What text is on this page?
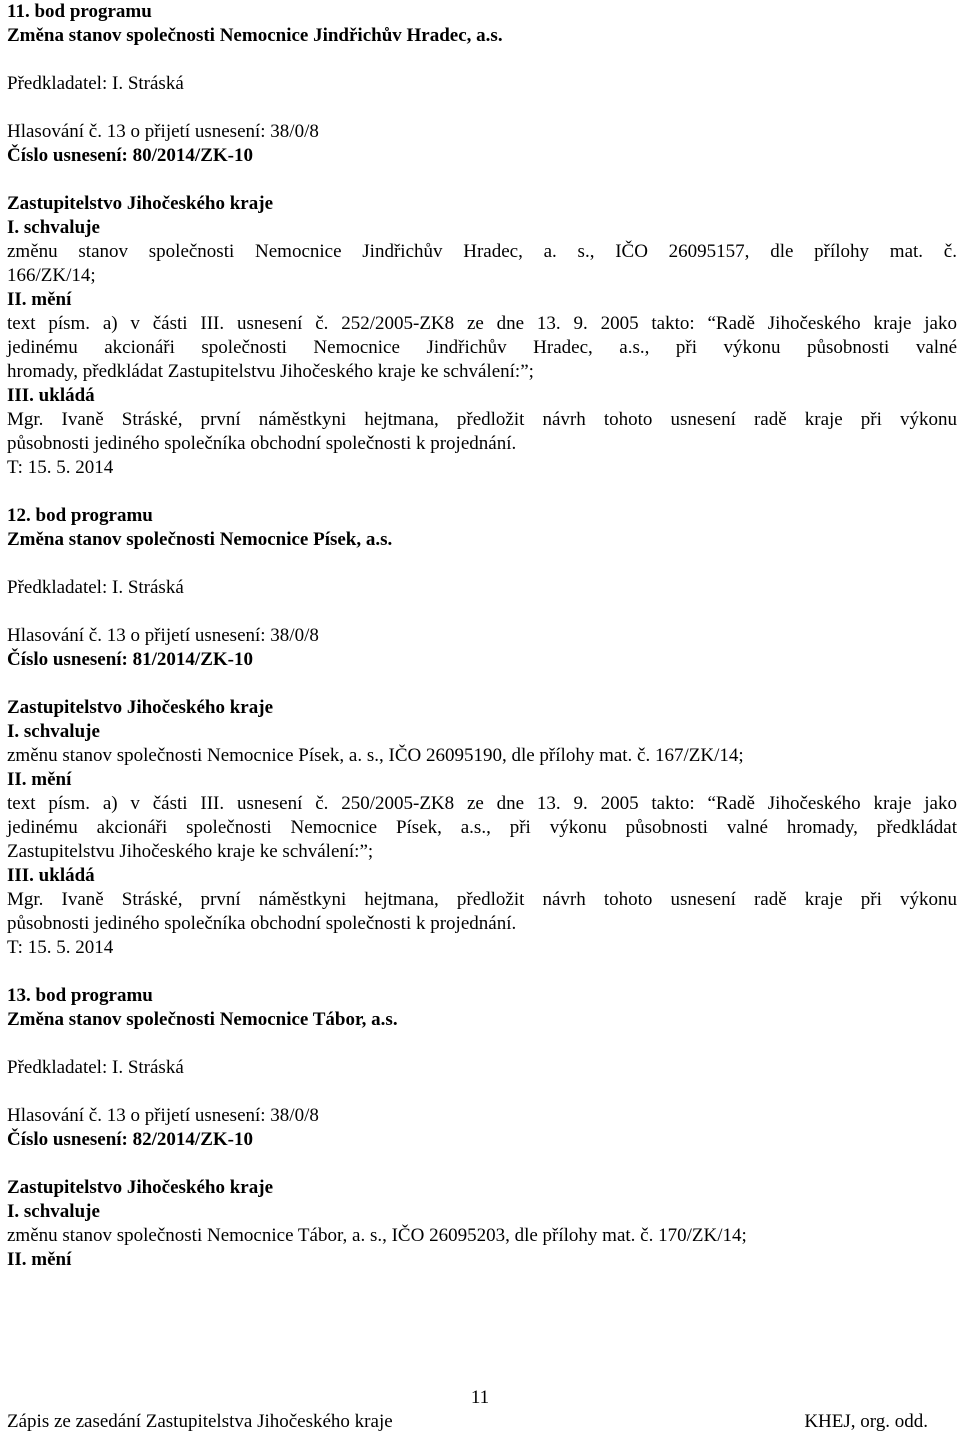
11. bod programu
Změna stanov společnosti Nemocnice Jindřichův Hradec, a.s.
Předkladatel: I. Stráská
Hlasování č. 13 o přijetí usnesení: 38/0/8
Číslo usnesení: 80/2014/ZK-10
Zastupitelstvo Jihočeského kraje
I. schvaluje
změnu stanov společnosti Nemocnice Jindřichův Hradec, a. s., IČO 26095157, dle přílohy mat. č.
166/ZK/14;
II. mění
text písm. a) v části III. usnesení č. 252/2005-ZK8 ze dne 13. 9. 2005 takto: “Radě Jihočeského kraje jako
jedinému akcionáři společnosti Nemocnice Jindřichův Hradec, a.s., při výkonu působnosti valné
hromady, předkládat Zastupitelstvu Jihočeského kraje ke schválení:”;
III. ukládá
Mgr. Ivaně Stráské, první náměstkyni hejtmana, předložit návrh tohoto usnesení radě kraje při výkonu
působnosti jediného společníka obchodní společnosti k projednání.
T: 15. 5. 2014
12. bod programu
Změna stanov společnosti Nemocnice Písek, a.s.
Předkladatel: I. Stráská
Hlasování č. 13 o přijetí usnesení: 38/0/8
Číslo usnesení: 81/2014/ZK-10
Zastupitelstvo Jihočeského kraje
I. schvaluje
změnu stanov společnosti Nemocnice Písek, a. s., IČO 26095190, dle přílohy mat. č. 167/ZK/14;
II. mění
text písm. a) v části III. usnesení č. 250/2005-ZK8 ze dne 13. 9. 2005 takto: “Radě Jihočeského kraje jako
jedinému akcionáři společnosti Nemocnice Písek, a.s., při výkonu působnosti valné hromady, předkládat
Zastupitelstvu Jihočeského kraje ke schválení:”;
III. ukládá
Mgr. Ivaně Stráské, první náměstkyni hejtmana, předložit návrh tohoto usnesení radě kraje při výkonu
působnosti jediného společníka obchodní společnosti k projednání.
T: 15. 5. 2014
13. bod programu
Změna stanov společnosti Nemocnice Tábor, a.s.
Předkladatel: I. Stráská
Hlasování č. 13 o přijetí usnesení: 38/0/8
Číslo usnesení: 82/2014/ZK-10
Zastupitelstvo Jihočeského kraje
I. schvaluje
změnu stanov společnosti Nemocnice Tábor, a. s., IČO 26095203, dle přílohy mat. č. 170/ZK/14;
II. mění
11
Zápis ze zasedání Zastupitelstva Jihočeského kraje	KHEJ, org. odd.
